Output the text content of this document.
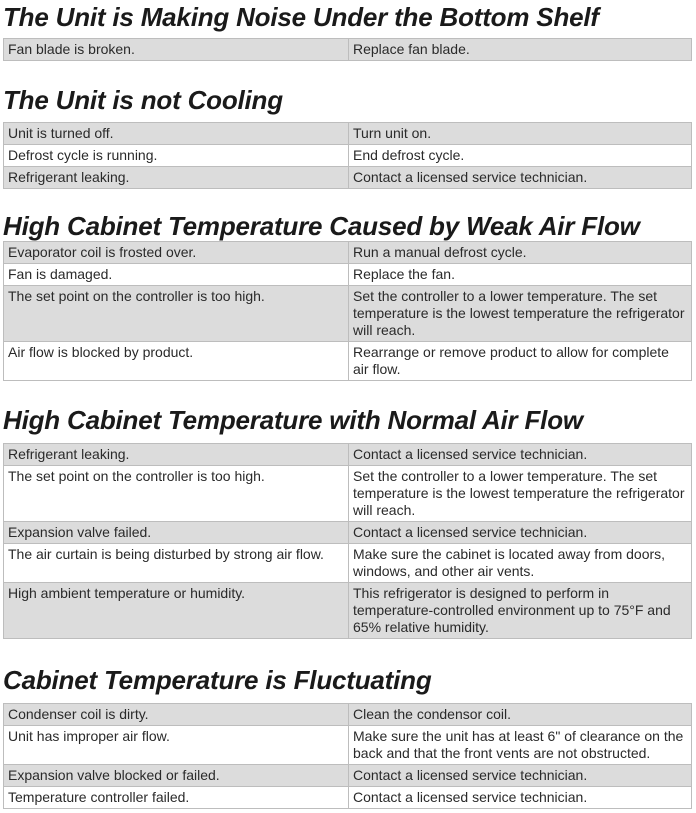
The Unit is Making Noise Under the Bottom Shelf
Fan blade is broken.	Replace fan blade.
The Unit is not Cooling
Unit is turned off.	Turn unit on.
Defrost cycle is running.	End defrost cycle.
Refrigerant leaking.	Contact a licensed service technician.
High Cabinet Temperature Caused by Weak Air Flow
Evaporator coil is frosted over.	Run a manual defrost cycle.
Fan is damaged.	Replace the fan.
The set point on the controller is too high.	Set the controller to a lower temperature. The set temperature is the lowest temperature the refrigerator will reach.
Air flow is blocked by product.	Rearrange or remove product to allow for complete air flow.
High Cabinet Temperature with Normal Air Flow
Refrigerant leaking.	Contact a licensed service technician.
The set point on the controller is too high.	Set the controller to a lower temperature. The set temperature is the lowest temperature the refrigerator will reach.
Expansion valve failed.	Contact a licensed service technician.
The air curtain is being disturbed by strong air flow.	Make sure the cabinet is located away from doors, windows, and other air vents.
High ambient temperature or humidity.	This refrigerator is designed to perform in temperature-controlled environment up to 75°F and 65% relative humidity.
Cabinet Temperature is Fluctuating
Condenser coil is dirty.	Clean the condensor coil.
Unit has improper air flow.	Make sure the unit has at least 6" of clearance on the back and that the front vents are not obstructed.
Expansion valve blocked or failed.	Contact a licensed service technician.
Temperature controller failed.	Contact a licensed service technician.
